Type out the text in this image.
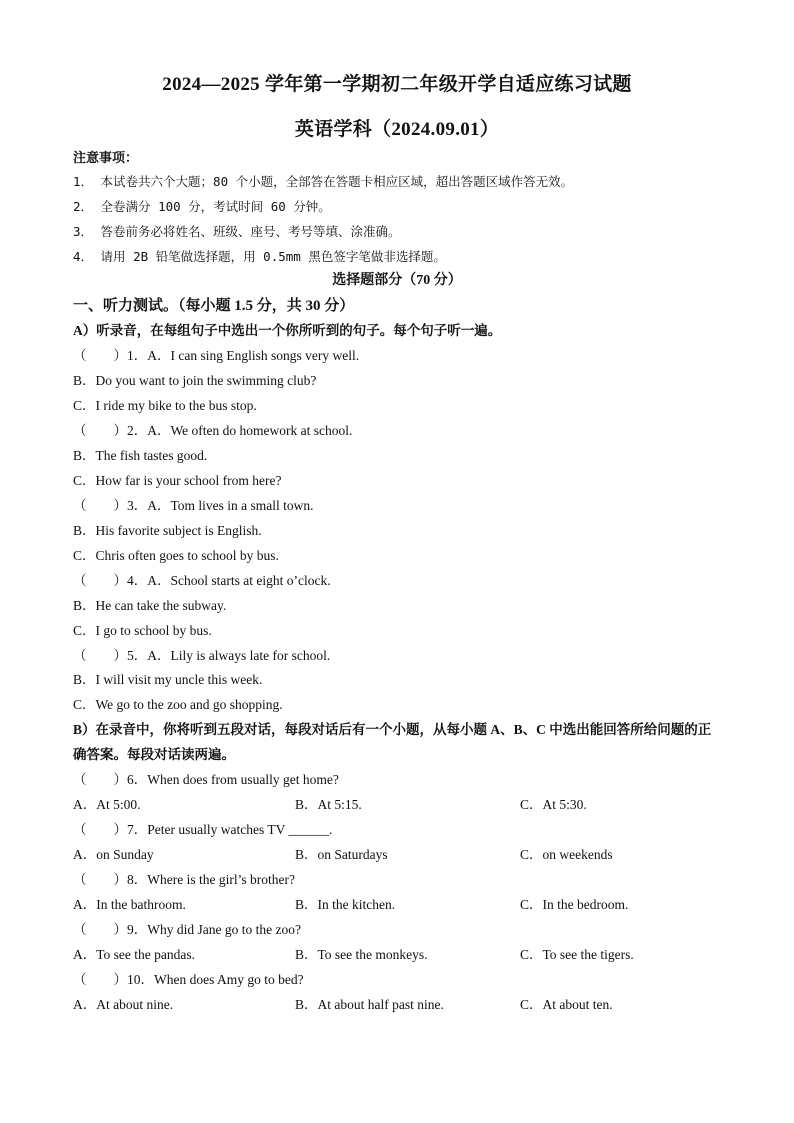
2024—2025 学年第一学期初二年级开学自适应练习试题
英语学科（2024.09.01）
注意事项：
1． 本试卷共六个大题；80 个小题，全部答在答题卡相应区域，超出答题区域作答无效。
2． 全卷满分 100 分，考试时间 60 分钟。
3． 答卷前务必将姓名、班级、座号、考号等填、涂准确。
4． 请用 2B 铅笔做选择题，用 0.5mm 黑色签字笔做非选择题。
选择题部分（70 分）
一、听力测试。（每小题 1.5 分，共 30 分）
A）听录音，在每组句子中选出一个你所听到的句子。每个句子听一遍。
（　　）1．A．I can sing English songs very well.
B．Do you want to join the swimming club?
C．I ride my bike to the bus stop.
（　　）2．A．We often do homework at school.
B．The fish tastes good.
C．How far is your school from here?
（　　）3．A．Tom lives in a small town.
B．His favorite subject is English.
C．Chris often goes to school by bus.
（　　）4．A．School starts at eight o’clock.
B．He can take the subway.
C．I go to school by bus.
（　　）5．A．Lily is always late for school.
B．I will visit my uncle this week.
C．We go to the zoo and go shopping.
B）在录音中，你将听到五段对话，每段对话后有一个小题，从每小题 A、B、C 中选出能回答所给问题的正
确答案。每段对话读两遍。
（　　）6．When does from usually get home?
A．At 5:00.	B．At 5:15.	C．At 5:30.
（　　）7．Peter usually watches TV ______.
A．on Sunday	B．on Saturdays	C．on weekends
（　　）8．Where is the girl’s brother?
A．In the bathroom.	B．In the kitchen.	C．In the bedroom.
（　　）9．Why did Jane go to the zoo?
A．To see the pandas.	B．To see the monkeys.	C．To see the tigers.
（　　）10．When does Amy go to bed?
A．At about nine.	B．At about half past nine.	C．At about ten.
